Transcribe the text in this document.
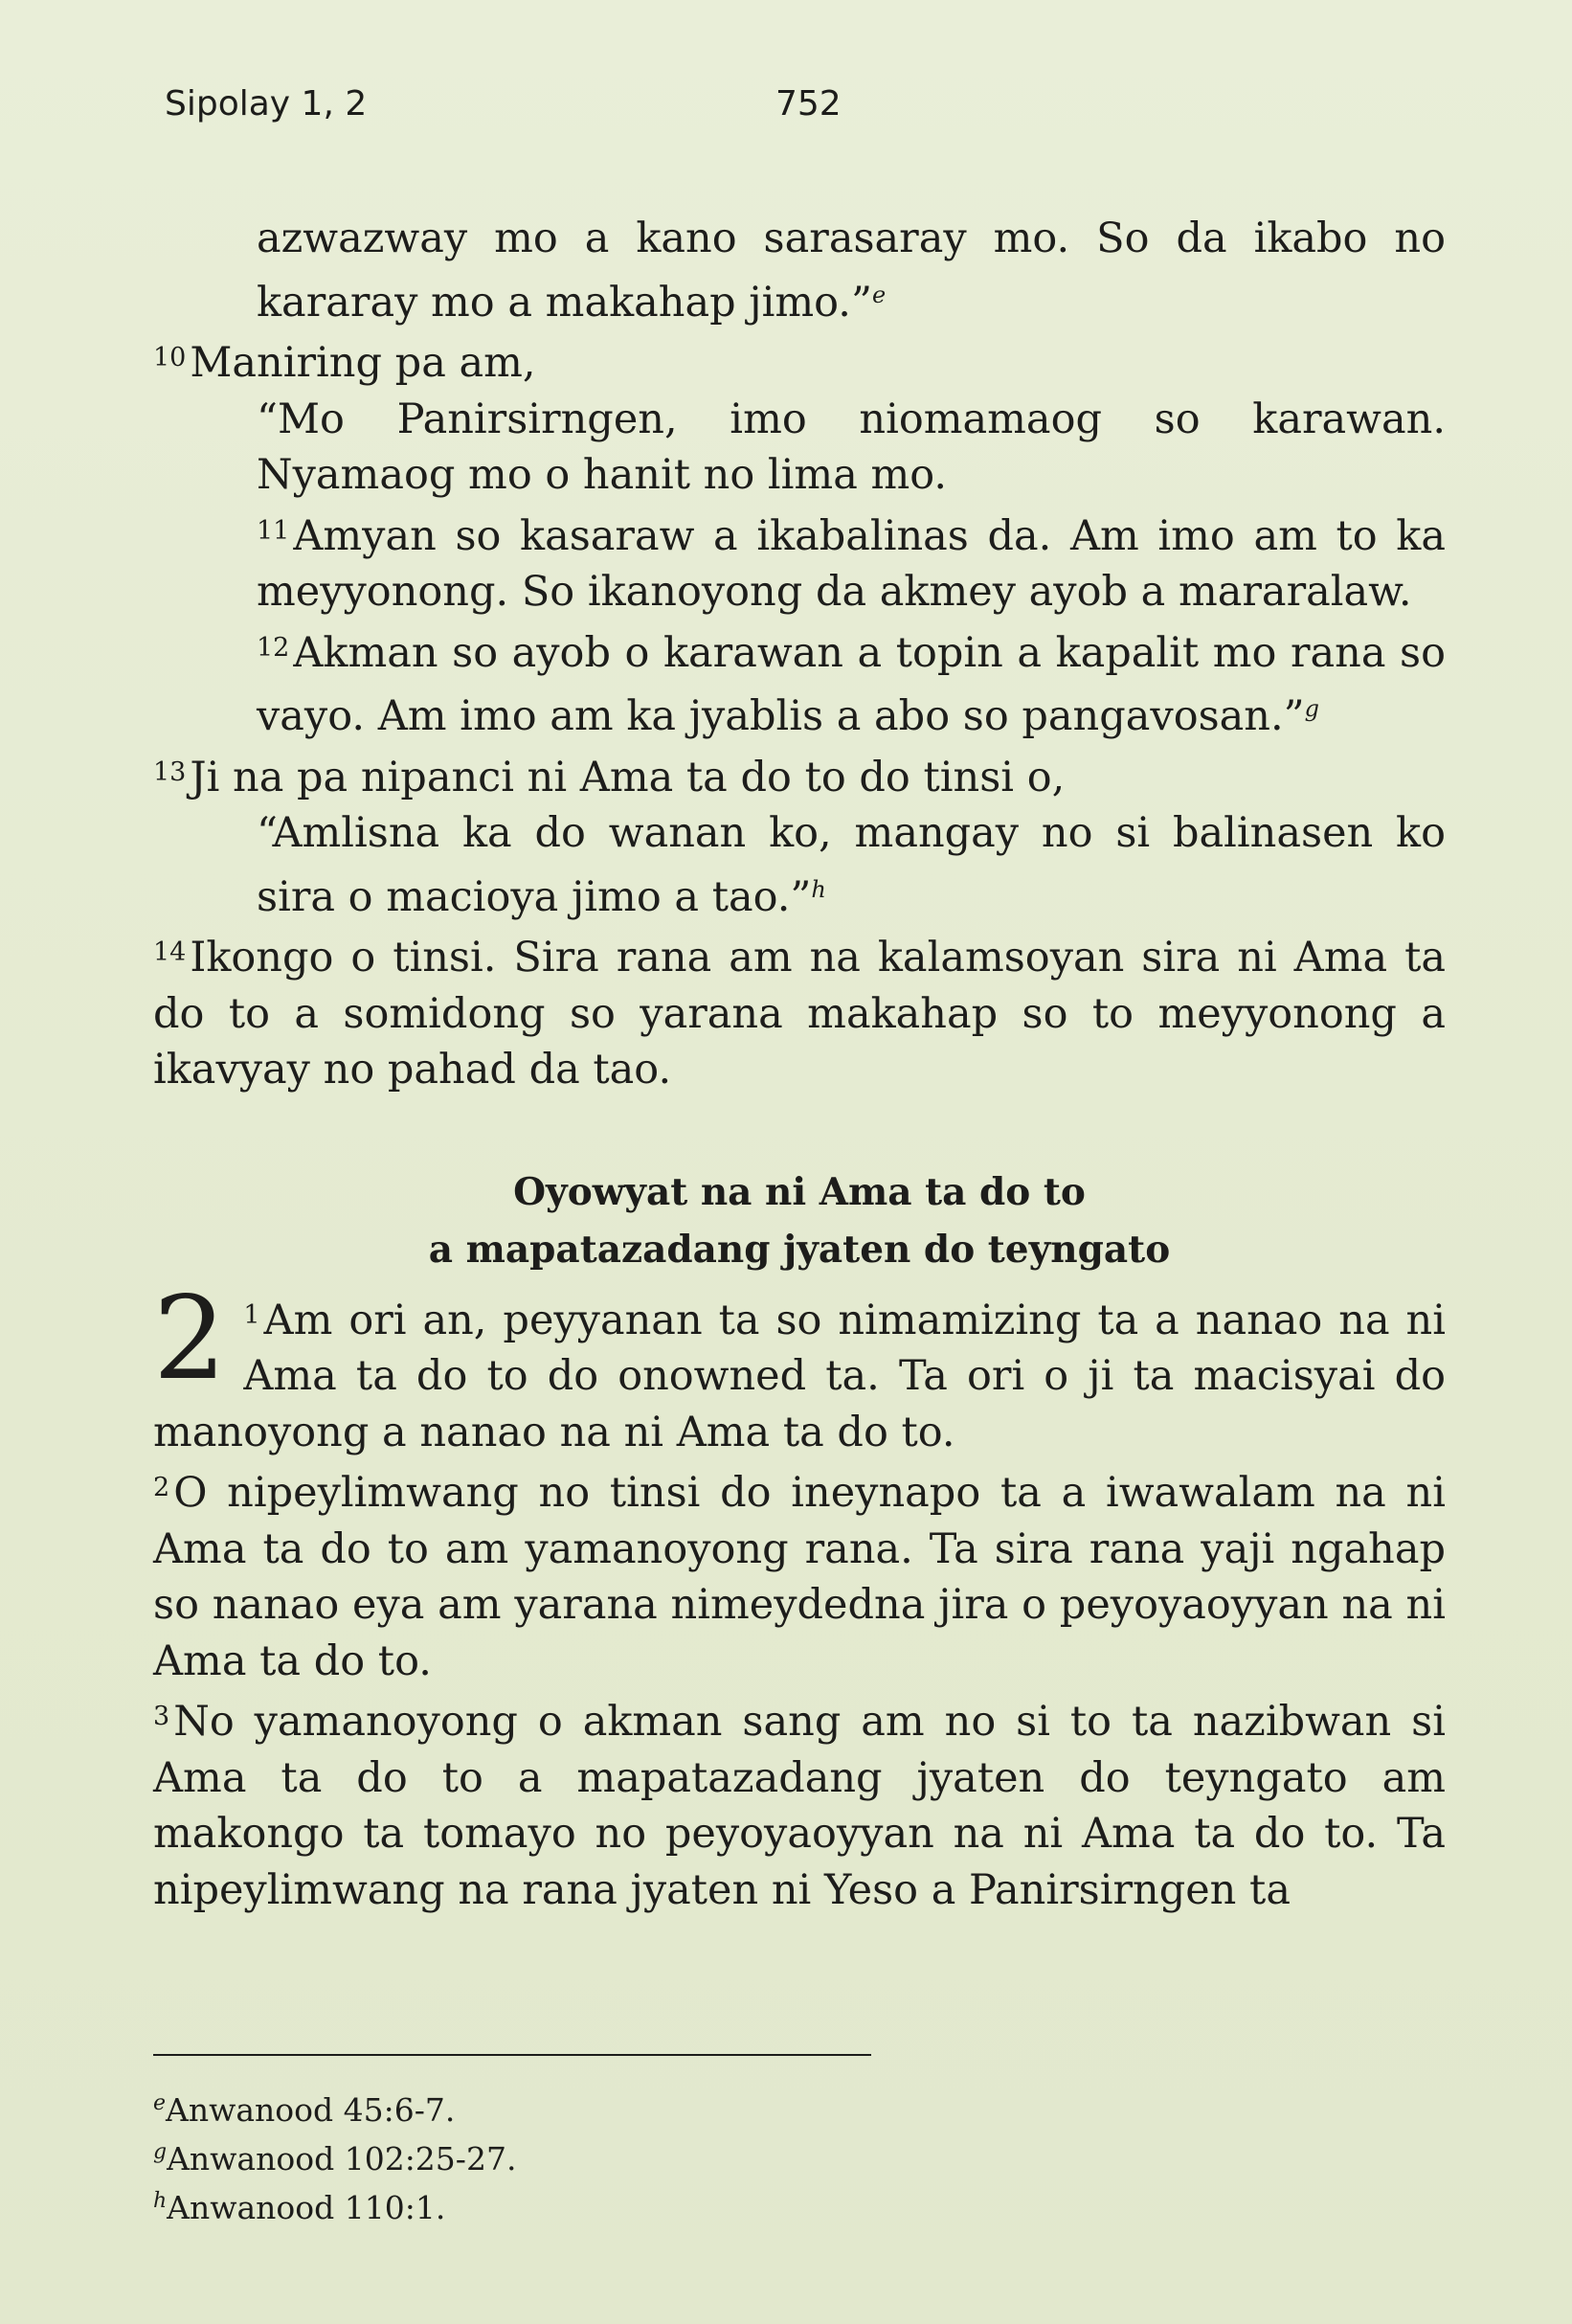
Sipolay 1, 2	752

azwazway mo a kano sarasaray mo. So da ikabo no kararay mo a makahap jimo.”$^e$

$^{10}$Maniring pa am,

“Mo Panirsirngen, imo niomamaog so karawan. Nyamaog mo o hanit no lima mo.

$^{11}$Amyan so kasaraw a ikabalinas da. Am imo am to ka meyyonong. So ikanoyong da akmey ayob a mararalaw.

$^{12}$Akman so ayob o karawan a topin a kapalit mo rana so vayo. Am imo am ka jyablis a abo so pangavosan.”$^g$

$^{13}$Ji na pa nipanci ni Ama ta do to do tinsi o,

“Amlisna ka do wanan ko, mangay no si balinasen ko sira o macioya jimo a tao.”$^h$

$^{14}$Ikongo o tinsi. Sira rana am na kalamsoyan sira ni Ama ta do to a somidong so yarana makahap so to meyyonong a ikavyay no pahad da tao.

Oyowyat na ni Ama ta do to
a mapatazadang jyaten do teyngato
2 $^1$Am ori an, peyyanan ta so nimamizing ta a nanao na ni Ama ta do to do onowned ta. Ta ori o ji ta macisyai do manoyong a nanao na ni Ama ta do to.

$^2$O nipeylimwang no tinsi do ineynapo ta a iwawalam na ni Ama ta do to am yamanoyong rana. Ta sira rana yaji ngahap so nanao eya am yarana nimeydedna jira o peyoyaoyyan na ni Ama ta do to.

$^3$No yamanoyong o akman sang am no si to ta nazibwan si Ama ta do to a mapatazadang jyaten do teyngato am makongo ta tomayo no peyoyaoyyan na ni Ama ta do to. Ta nipeylimwang na rana jyaten ni Yeso a Panirsirngen ta

$^e$Anwanood 45:6-7.
$^g$Anwanood 102:25-27.
$^h$Anwanood 110:1.
